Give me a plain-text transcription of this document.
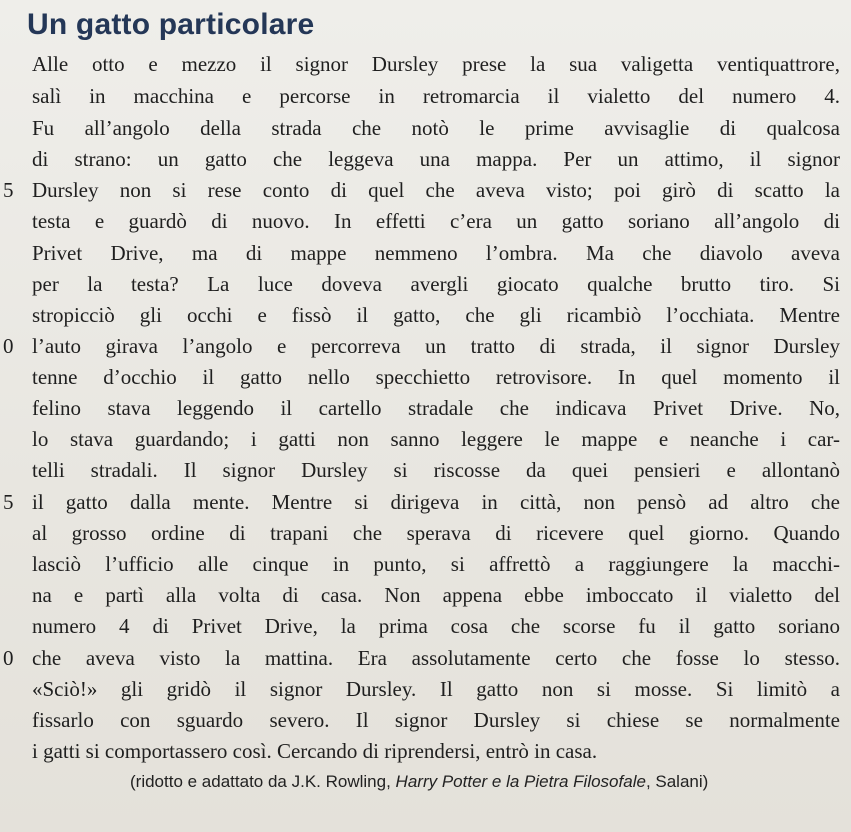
Un gatto particolare
Alle otto e mezzo il signor Dursley prese la sua valigetta ventiquattrore,
salì in macchina e percorse in retromarcia il vialetto del numero 4.
Fu all’angolo della strada che notò le prime avvisaglie di qualcosa
di strano: un gatto che leggeva una mappa. Per un attimo, il signor
5 Dursley non si rese conto di quel che aveva visto; poi girò di scatto la
testa e guardò di nuovo. In effetti c’era un gatto soriano all’angolo di
Privet Drive, ma di mappe nemmeno l’ombra. Ma che diavolo aveva
per la testa? La luce doveva avergli giocato qualche brutto tiro. Si
stropicciò gli occhi e fissò il gatto, che gli ricambiò l’occhiata. Mentre
0 l’auto girava l’angolo e percorreva un tratto di strada, il signor Dursley
tenne d’occhio il gatto nello specchietto retrovisore. In quel momento il
felino stava leggendo il cartello stradale che indicava Privet Drive. No,
lo stava guardando; i gatti non sanno leggere le mappe e neanche i car-
telli stradali. Il signor Dursley si riscosse da quei pensieri e allontanò
5 il gatto dalla mente. Mentre si dirigeva in città, non pensò ad altro che
al grosso ordine di trapani che sperava di ricevere quel giorno. Quando
lasciò l’ufficio alle cinque in punto, si affrettò a raggiungere la macchi-
na e partì alla volta di casa. Non appena ebbe imboccato il vialetto del
numero 4 di Privet Drive, la prima cosa che scorse fu il gatto soriano
0 che aveva visto la mattina. Era assolutamente certo che fosse lo stesso.
«Sciò!» gli gridò il signor Dursley. Il gatto non si mosse. Si limitò a
fissarlo con sguardo severo. Il signor Dursley si chiese se normalmente
i gatti si comportassero così. Cercando di riprendersi, entrò in casa.
(ridotto e adattato da J.K. Rowling, Harry Potter e la Pietra Filosofale, Salani)
